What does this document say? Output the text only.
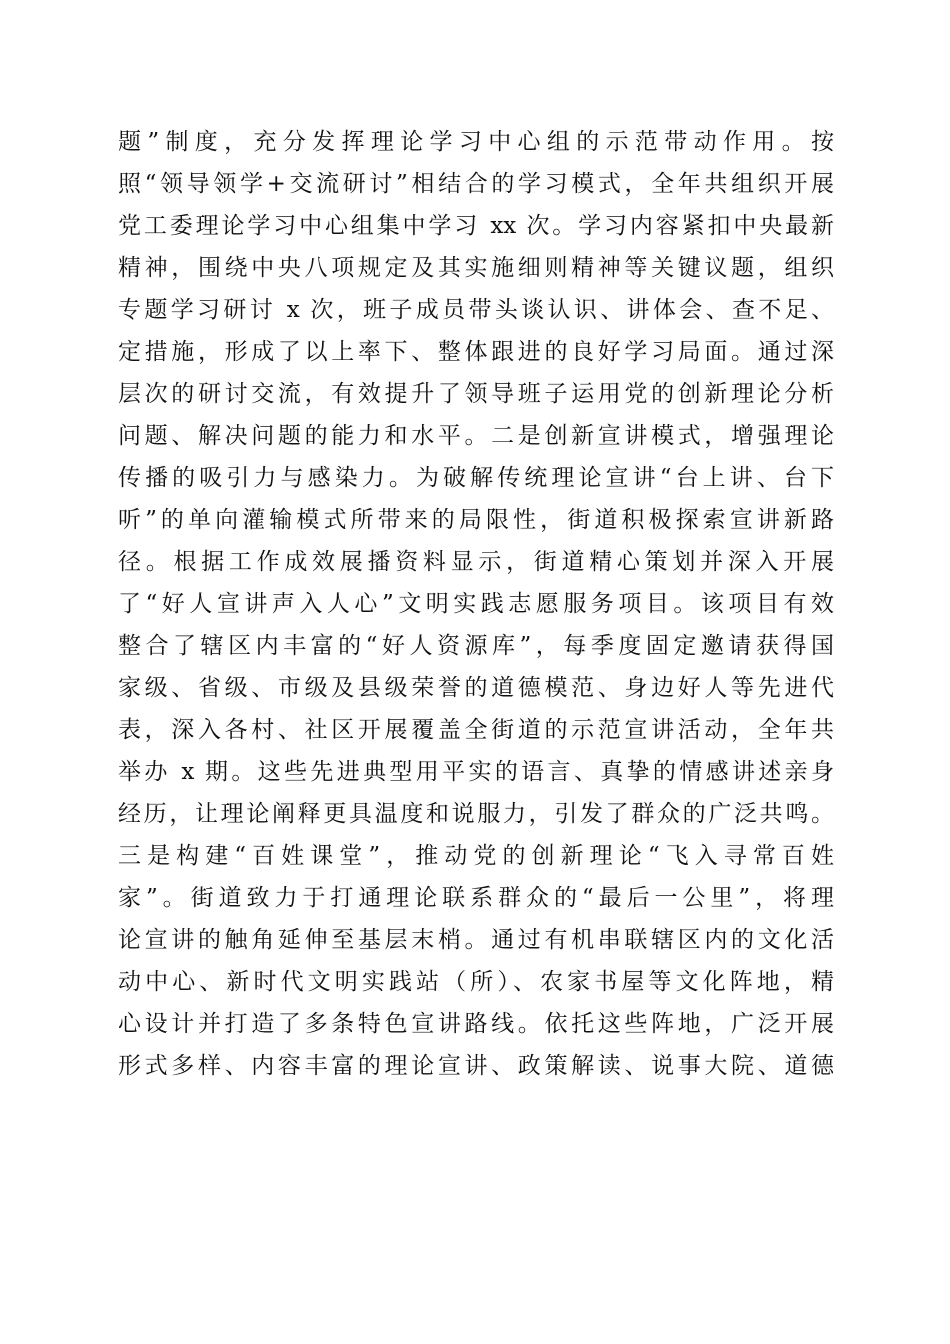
题”制度，充分发挥理论学习中心组的示范带动作用。按
照“领导领学+交流研讨”相结合的学习模式，全年共组织开展
党工委理论学习中心组集中学习 xx 次。学习内容紧扣中央最新
精神，围绕中央八项规定及其实施细则精神等关键议题，组织
专题学习研讨 x 次，班子成员带头谈认识、讲体会、查不足、
定措施，形成了以上率下、整体跟进的良好学习局面。通过深
层次的研讨交流，有效提升了领导班子运用党的创新理论分析
问题、解决问题的能力和水平。二是创新宣讲模式，增强理论
传播的吸引力与感染力。为破解传统理论宣讲“台上讲、台下
听”的单向灌输模式所带来的局限性，街道积极探索宣讲新路
径。根据工作成效展播资料显示，街道精心策划并深入开展
了“好人宣讲声入人心”文明实践志愿服务项目。该项目有效
整合了辖区内丰富的“好人资源库”，每季度固定邀请获得国
家级、省级、市级及县级荣誉的道德模范、身边好人等先进代
表，深入各村、社区开展覆盖全街道的示范宣讲活动，全年共
举办 x 期。这些先进典型用平实的语言、真挚的情感讲述亲身
经历，让理论阐释更具温度和说服力，引发了群众的广泛共鸣。
三是构建“百姓课堂”，推动党的创新理论“飞入寻常百姓
家”。街道致力于打通理论联系群众的“最后一公里”，将理
论宣讲的触角延伸至基层末梢。通过有机串联辖区内的文化活
动中心、新时代文明实践站（所）、农家书屋等文化阵地，精
心设计并打造了多条特色宣讲路线。依托这些阵地，广泛开展
形式多样、内容丰富的理论宣讲、政策解读、说事大院、道德
